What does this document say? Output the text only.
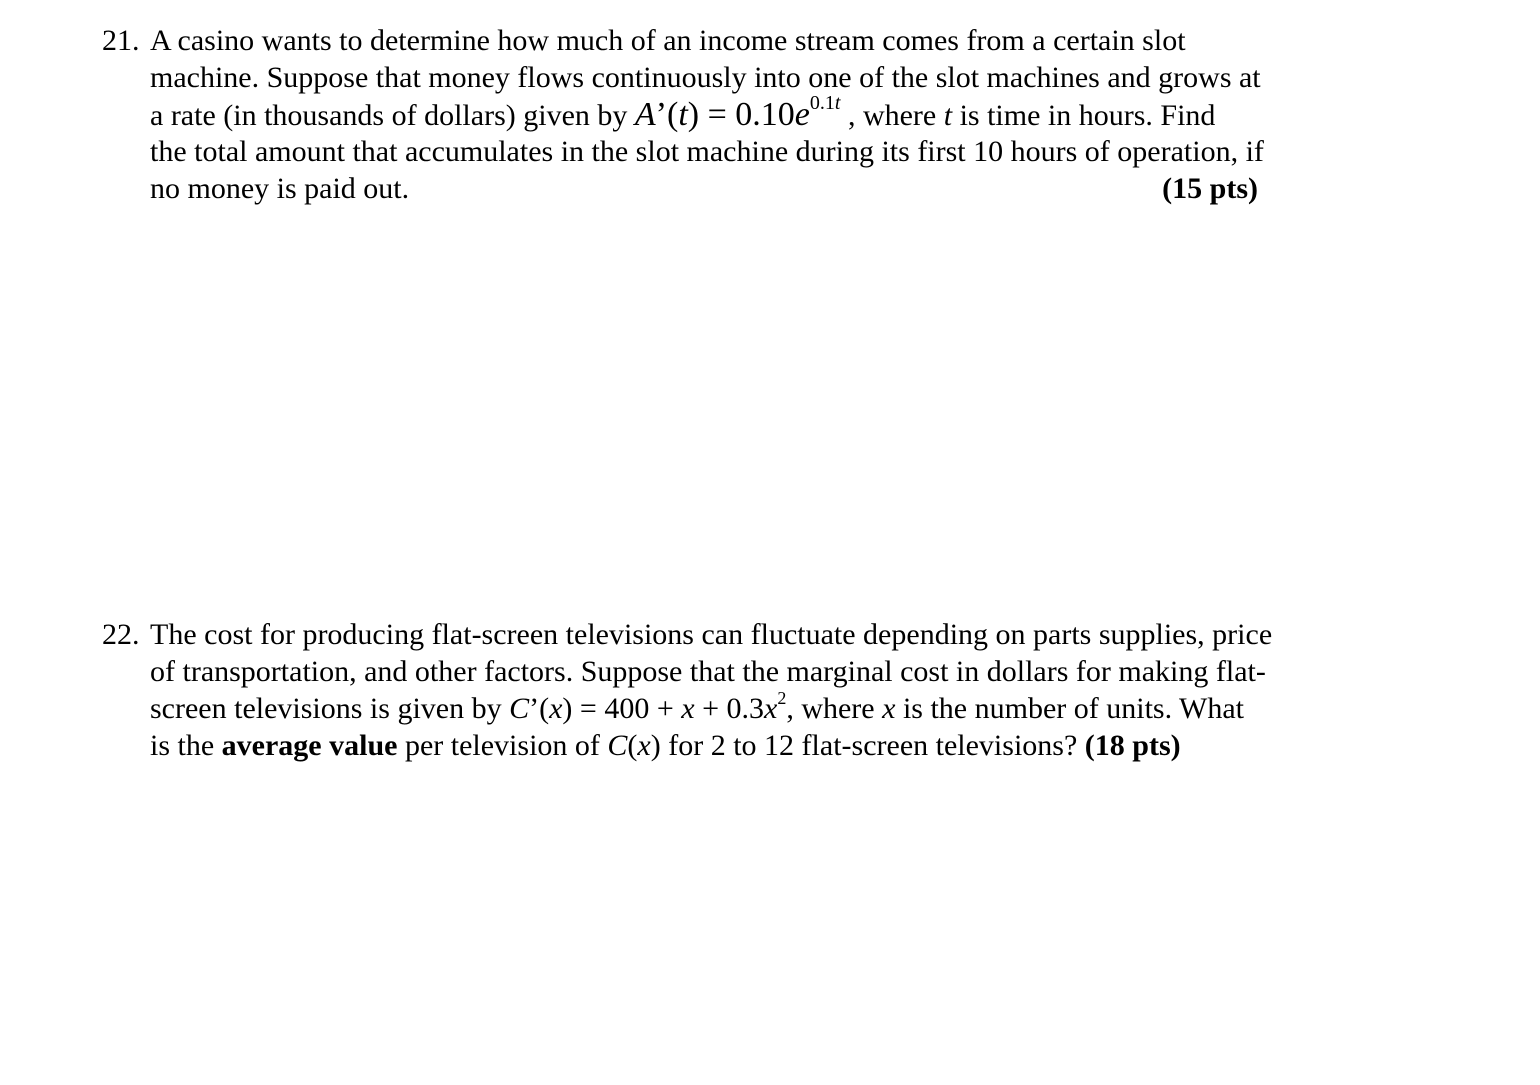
21. A casino wants to determine how much of an income stream comes from a certain slot
machine. Suppose that money flows continuously into one of the slot machines and grows at
a rate (in thousands of dollars) given by A’(t) = $0.10e^{0.1t}$ , where t is time in hours. Find
the total amount that accumulates in the slot machine during its first 10 hours of operation, if
no money is paid out.	(15 pts)
22. The cost for producing flat-screen televisions can fluctuate depending on parts supplies, price
of transportation, and other factors. Suppose that the marginal cost in dollars for making flat-
screen televisions is given by C’(x) = $400 + x + 0.3x^2$, where x is the number of units. What
is the average value per television of C(x) for 2 to 12 flat-screen televisions? (18 pts)
